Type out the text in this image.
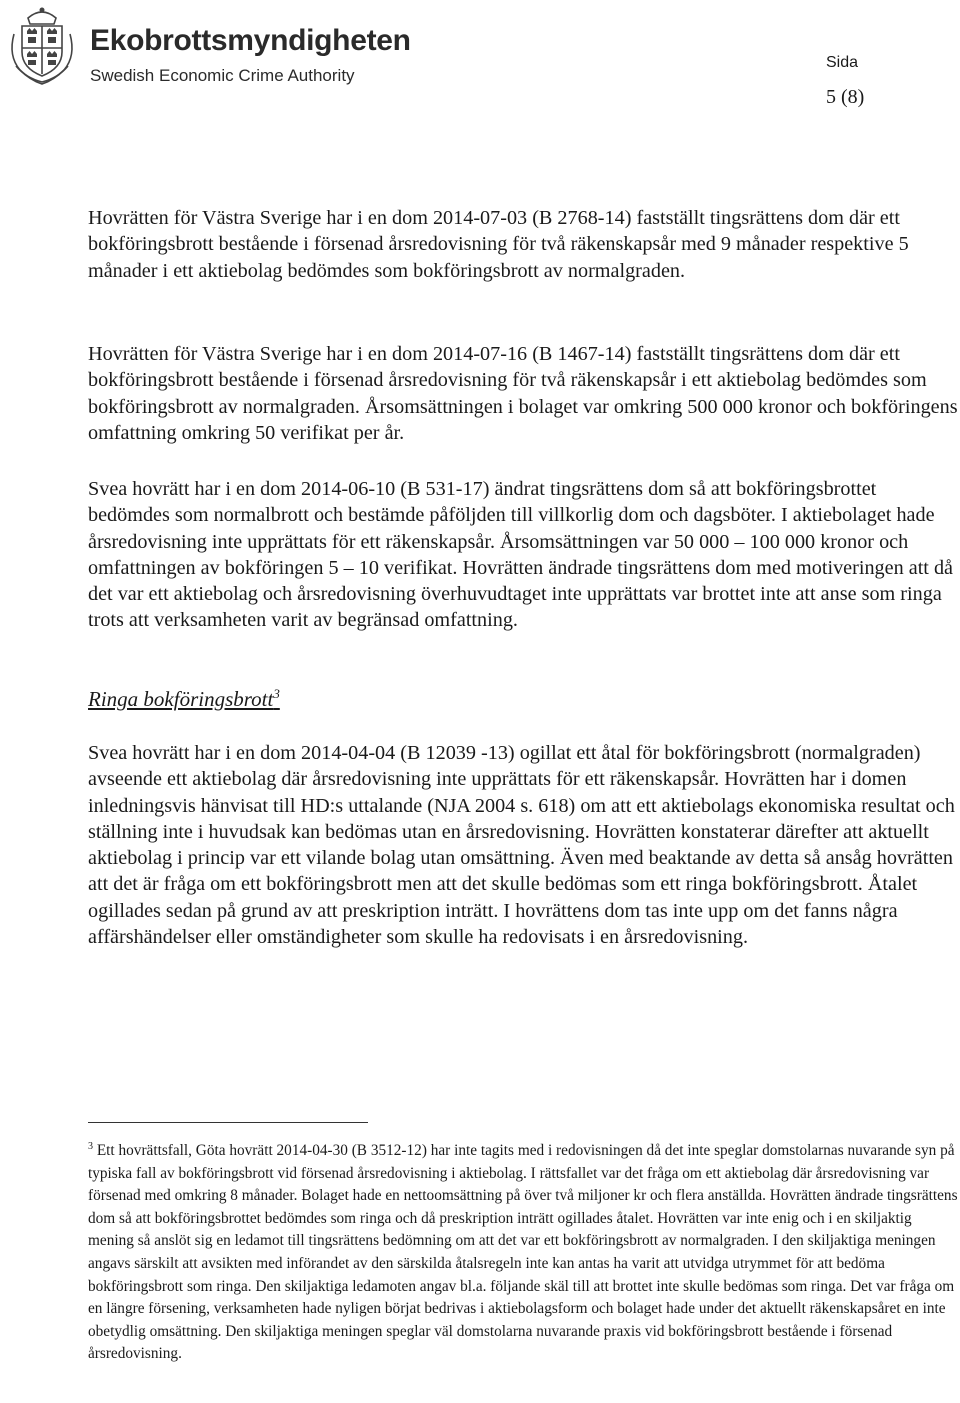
Ekobrottsmyndigheten
Swedish Economic Crime Authority
Sida
5 (8)

Hovrätten för Västra Sverige har i en dom 2014-07-03 (B 2768-14) fastställt tingsrättens dom där ett bokföringsbrott bestående i försenad årsredovisning för två räkenskapsår med 9 månader respektive 5 månader i ett aktiebolag bedömdes som bokföringsbrott av normalgraden.

Hovrätten för Västra Sverige har i en dom 2014-07-16 (B 1467-14) fastställt tingsrättens dom där ett bokföringsbrott bestående i försenad årsredovisning för två räkenskapsår i ett aktiebolag bedömdes som bokföringsbrott av normalgraden. Årsomsättningen i bolaget var omkring 500 000 kronor och bokföringens omfattning omkring 50 verifikat per år.

Svea hovrätt har i en dom 2014-06-10 (B 531-17) ändrat tingsrättens dom så att bokföringsbrottet bedömdes som normalbrott och bestämde påföljden till villkorlig dom och dagsböter. I aktiebolaget hade årsredovisning inte upprättats för ett räkenskapsår. Årsomsättningen var 50 000 – 100 000 kronor och omfattningen av bokföringen 5 – 10 verifikat. Hovrätten ändrade tingsrättens dom med motiveringen att då det var ett aktiebolag och årsredovisning överhuvudtaget inte upprättats var brottet inte att anse som ringa trots att verksamheten varit av begränsad omfattning.

Ringa bokföringsbrott$^3$

Svea hovrätt har i en dom 2014-04-04 (B 12039 -13) ogillat ett åtal för bokföringsbrott (normalgraden) avseende ett aktiebolag där årsredovisning inte upprättats för ett räkenskapsår. Hovrätten har i domen inledningsvis hänvisat till HD:s uttalande (NJA 2004 s. 618) om att ett aktiebolags ekonomiska resultat och ställning inte i huvudsak kan bedömas utan en årsredovisning. Hovrätten konstaterar därefter att aktuellt aktiebolag i princip var ett vilande bolag utan omsättning. Även med beaktande av detta så ansåg hovrätten att det är fråga om ett bokföringsbrott men att det skulle bedömas som ett ringa bokföringsbrott. Åtalet ogillades sedan på grund av att preskription inträtt. I hovrättens dom tas inte upp om det fanns några affärshändelser eller omständigheter som skulle ha redovisats i en årsredovisning.

$^3$ Ett hovrättsfall, Göta hovrätt 2014-04-30 (B 3512-12) har inte tagits med i redovisningen då det inte speglar domstolarnas nuvarande syn på typiska fall av bokföringsbrott vid försenad årsredovisning i aktiebolag. I rättsfallet var det fråga om ett aktiebolag där årsredovisning var försenad med omkring 8 månader. Bolaget hade en nettoomsättning på över två miljoner kr och flera anställda. Hovrätten ändrade tingsrättens dom så att bokföringsbrottet bedömdes som ringa och då preskription inträtt ogillades åtalet. Hovrätten var inte enig och i en skiljaktig mening så anslöt sig en ledamot till tingsrättens bedömning om att det var ett bokföringsbrott av normalgraden. I den skiljaktiga meningen angavs särskilt att avsikten med införandet av den särskilda åtalsregeln inte kan antas ha varit att utvidga utrymmet för att bedöma bokföringsbrott som ringa. Den skiljaktiga ledamoten angav bl.a. följande skäl till att brottet inte skulle bedömas som ringa. Det var fråga om en längre försening, verksamheten hade nyligen börjat bedrivas i aktiebolagsform och bolaget hade under det aktuellt räkenskapsåret en inte obetydlig omsättning. Den skiljaktiga meningen speglar väl domstolarna nuvarande praxis vid bokföringsbrott bestående i försenad årsredovisning.
